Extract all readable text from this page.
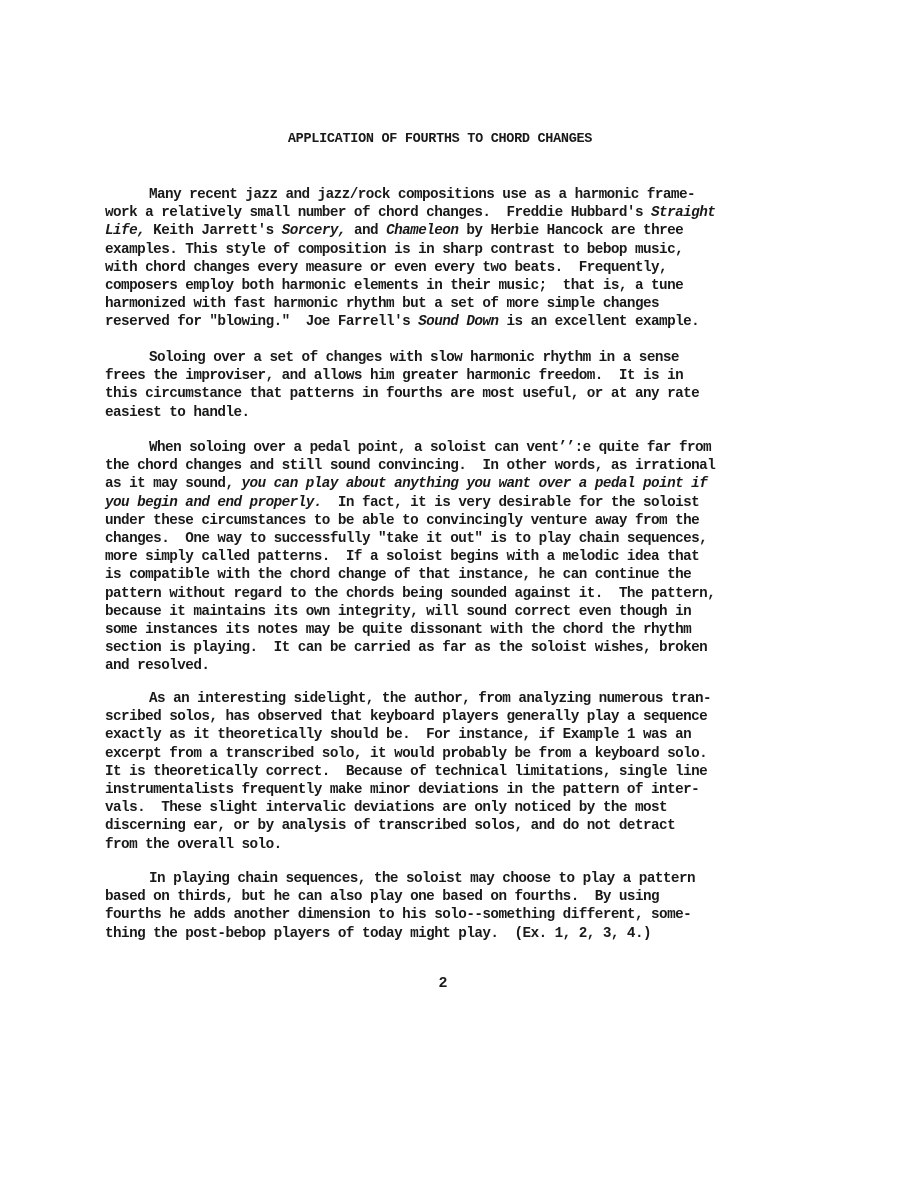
APPLICATION OF FOURTHS TO CHORD CHANGES
Many recent jazz and jazz/rock compositions use as a harmonic frame-
work a relatively small number of chord changes.  Freddie Hubbard's Straight
Life, Keith Jarrett's Sorcery, and Chameleon by Herbie Hancock are three
examples. This style of composition is in sharp contrast to bebop music,
with chord changes every measure or even every two beats.  Frequently,
composers employ both harmonic elements in their music;  that is, a tune
harmonized with fast harmonic rhythm but a set of more simple changes
reserved for "blowing."  Joe Farrell's Sound Down is an excellent example.
Soloing over a set of changes with slow harmonic rhythm in a sense
frees the improviser, and allows him greater harmonic freedom.  It is in
this circumstance that patterns in fourths are most useful, or at any rate
easiest to handle.
When soloing over a pedal point, a soloist can vent’’:e quite far from
the chord changes and still sound convincing.  In other words, as irrational
as it may sound, you can play about anything you want over a pedal point if
you begin and end properly.  In fact, it is very desirable for the soloist
under these circumstances to be able to convincingly venture away from the
changes.  One way to successfully "take it out" is to play chain sequences,
more simply called patterns.  If a soloist begins with a melodic idea that
is compatible with the chord change of that instance, he can continue the
pattern without regard to the chords being sounded against it.  The pattern,
because it maintains its own integrity, will sound correct even though in
some instances its notes may be quite dissonant with the chord the rhythm
section is playing.  It can be carried as far as the soloist wishes, broken
and resolved.
As an interesting sidelight, the author, from analyzing numerous tran-
scribed solos, has observed that keyboard players generally play a sequence
exactly as it theoretically should be.  For instance, if Example 1 was an
excerpt from a transcribed solo, it would probably be from a keyboard solo.
It is theoretically correct.  Because of technical limitations, single line
instrumentalists frequently make minor deviations in the pattern of inter-
vals.  These slight intervalic deviations are only noticed by the most
discerning ear, or by analysis of transcribed solos, and do not detract
from the overall solo.
In playing chain sequences, the soloist may choose to play a pattern
based on thirds, but he can also play one based on fourths.  By using
fourths he adds another dimension to his solo--something different, some-
thing the post-bebop players of today might play.  (Ex. 1, 2, 3, 4.)
2
